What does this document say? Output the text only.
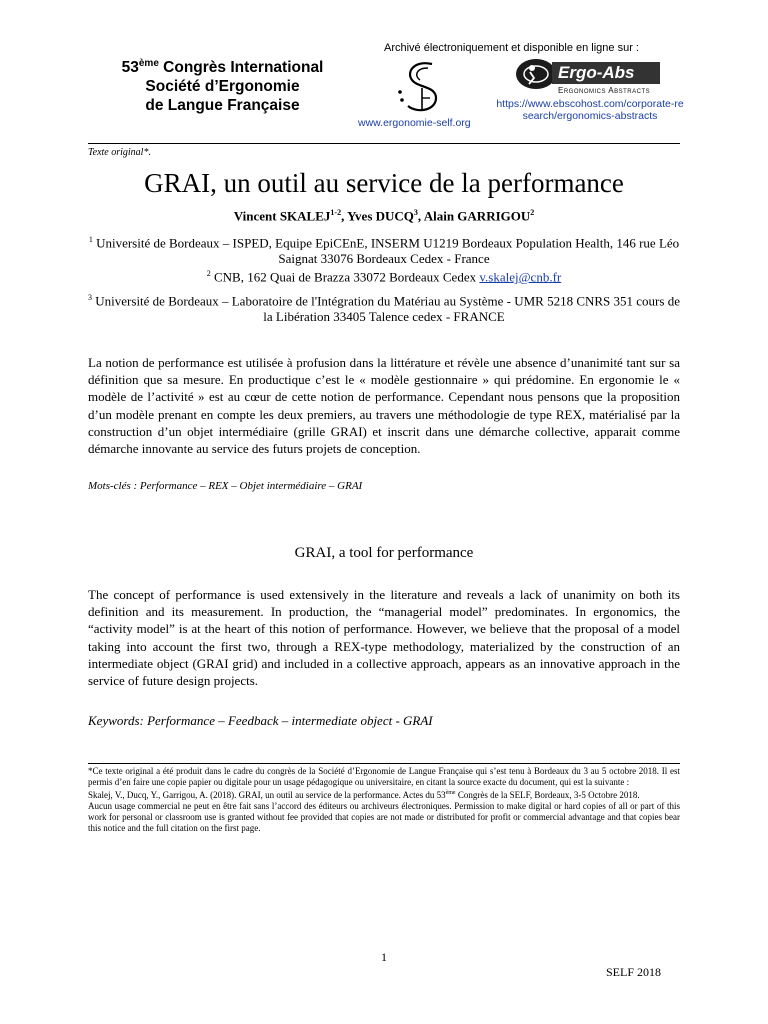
53ème Congrès International
Société d’Ergonomie
de Langue Française
Archivé électroniquement et disponible en ligne sur :
www.ergonomie-self.org
Ergo-Abs
Ergonomics Abstracts
https://www.ebscohost.com/corporate-research/ergonomics-abstracts
Texte original*.
GRAI, un outil au service de la performance
Vincent SKALEJ$^{1-2}$, Yves DUCQ$^3$, Alain GARRIGOU$^2$
$^1$ Université de Bordeaux – ISPED, Equipe EpiCEnE, INSERM U1219 Bordeaux Population Health, 146 rue Léo Saignat 33076 Bordeaux Cedex - France
$^2$ CNB, 162 Quai de Brazza 33072 Bordeaux Cedex v.skalej@cnb.fr
$^3$ Université de Bordeaux – Laboratoire de l'Intégration du Matériau au Système - UMR 5218 CNRS 351 cours de la Libération 33405 Talence cedex - FRANCE
La notion de performance est utilisée à profusion dans la littérature et révèle une absence d’unanimité tant sur sa définition que sa mesure. En productique c’est le « modèle gestionnaire » qui prédomine. En ergonomie le « modèle de l’activité » est au cœur de cette notion de performance. Cependant nous pensons que la proposition d’un modèle prenant en compte les deux premiers, au travers une méthodologie de type REX, matérialisé par la construction d’un objet intermédiaire (grille GRAI) et inscrit dans une démarche collective, apparait comme démarche innovante au service des futurs projets de conception.
Mots-clés : Performance – REX – Objet intermédiaire – GRAI
GRAI, a tool for performance
The concept of performance is used extensively in the literature and reveals a lack of unanimity on both its definition and its measurement. In production, the “managerial model” predominates. In ergonomics, the “activity model” is at the heart of this notion of performance. However, we believe that the proposal of a model taking into account the first two, through a REX-type methodology, materialized by the construction of an intermediate object (GRAI grid) and included in a collective approach, appears as an innovative approach in the service of future design projects.
Keywords: Performance – Feedback – intermediate object - GRAI

*Ce texte original a été produit dans le cadre du congrès de la Société d’Ergonomie de Langue Française qui s’est tenu à Bordeaux du 3 au 5 octobre 2018. Il est permis d’en faire une copie papier ou digitale pour un usage pédagogique ou universitaire, en citant la source exacte du document, qui est la suivante :

Skalej, V., Ducq, Y., Garrigou, A. (2018). GRAI, un outil au service de la performance. Actes du 53ème Congrès de la SELF, Bordeaux, 3-5 Octobre 2018.

Aucun usage commercial ne peut en être fait sans l’accord des éditeurs ou archiveurs électroniques. Permission to make digital or hard copies of all or part of this work for personal or classroom use is granted without fee provided that copies are not made or distributed for profit or commercial advantage and that copies bear this notice and the full citation on the first page.

1
SELF 2018
